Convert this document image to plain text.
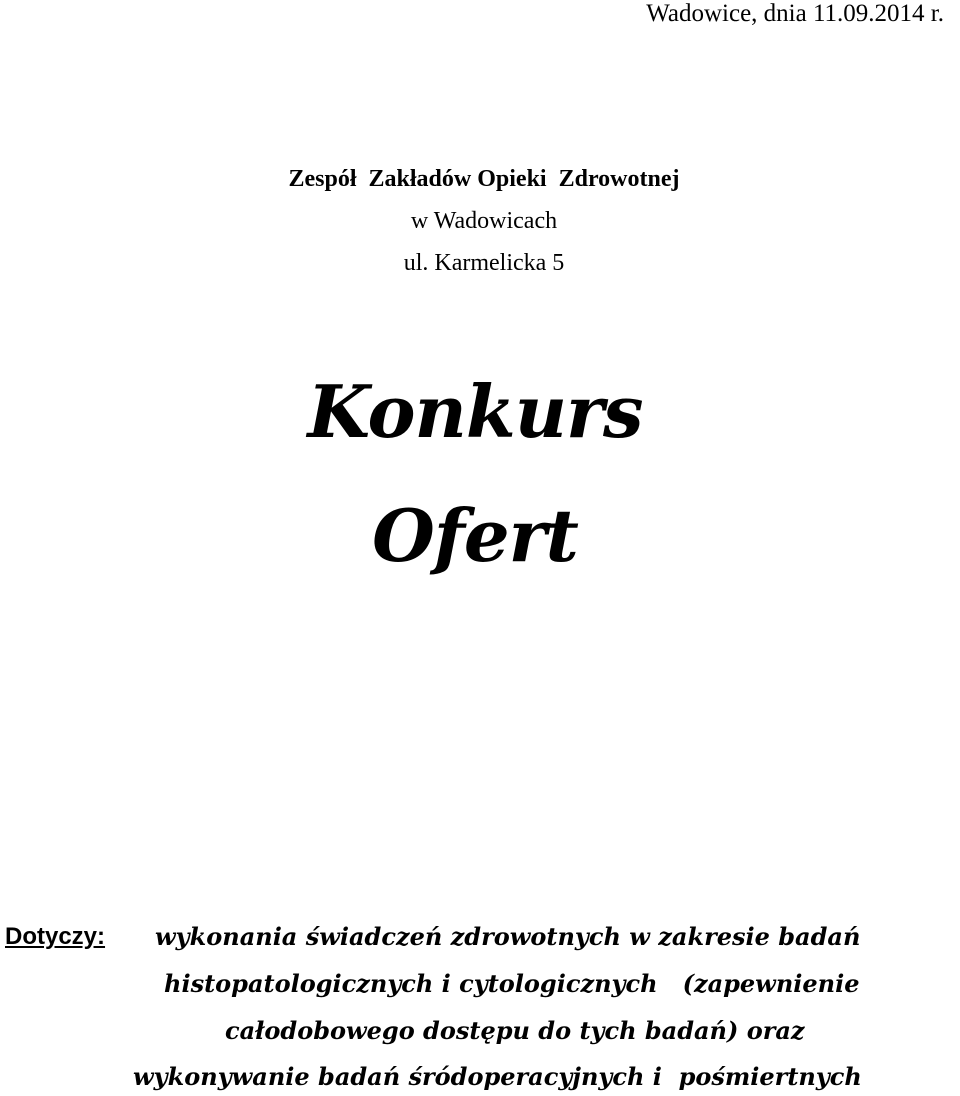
Wadowice, dnia 11.09.2014 r.
Zespół  Zakładów Opieki  Zdrowotnej
w Wadowicach
ul. Karmelicka 5
Konkurs
Ofert
Dotyczy: wykonania świadczeń zdrowotnych w zakresie badań
histopatologicznych i cytologicznych   (zapewnienie
całodobowego dostępu do tych badań) oraz
wykonywanie badań śródoperacyjnych i  pośmiertnych
